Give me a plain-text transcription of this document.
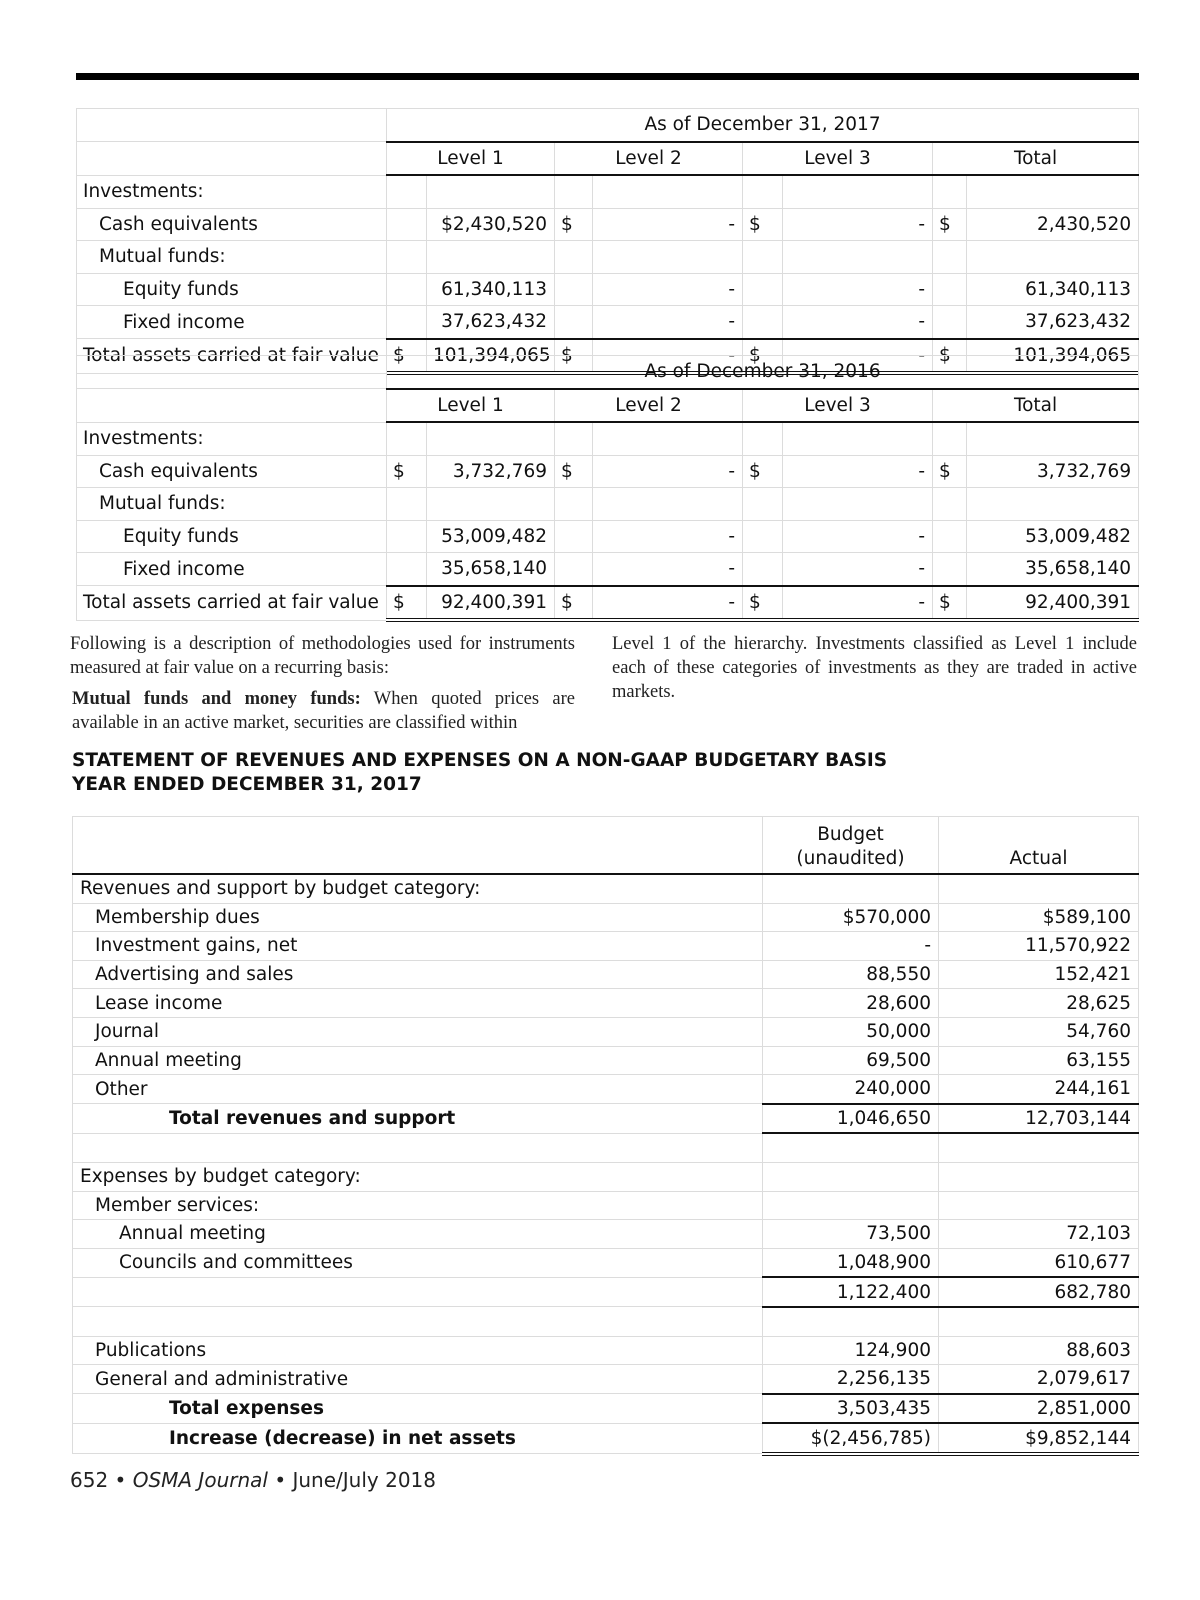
	As of December 31, 2017							
	Level 1		Level 2		Level 3		Total	
Investments:								
Cash equivalents		$2,430,520	$	-	$	-	$	2,430,520
Mutual funds:								
Equity funds		61,340,113		-		-		61,340,113
Fixed income		37,623,432		-		-		37,623,432
Total assets carried at fair value	$	101,394,065	$	-	$	-	$	101,394,065
	As of December 31, 2016							
	Level 1		Level 2		Level 3		Total	
Investments:								
Cash equivalents	$	3,732,769	$	-	$	-	$	3,732,769
Mutual funds:								
Equity funds		53,009,482		-		-		53,009,482
Fixed income		35,658,140		-		-		35,658,140
Total assets carried at fair value	$	92,400,391	$	-	$	-	$	92,400,391

Following is a description of methodologies used for instruments measured at fair value on a recurring basis:

Mutual funds and money funds: When quoted prices are available in an active market, securities are classified within

Level 1 of the hierarchy. Investments classified as Level 1 include each of these categories of investments as they are traded in active markets.

STATEMENT OF REVENUES AND EXPENSES ON A NON-GAAP BUDGETARY BASIS
YEAR ENDED DECEMBER 31, 2017

	Budget
(unaudited)	Actual
Revenues and support by budget category:		
Membership dues	$570,000	$589,100
Investment gains, net	-	11,570,922
Advertising and sales	88,550	152,421
Lease income	28,600	28,625
Journal	50,000	54,760
Annual meeting	69,500	63,155
Other	240,000	244,161
Total revenues and support	1,046,650	12,703,144

Expenses by budget category:		
Member services:		
Annual meeting	73,500	72,103
Councils and committees	1,048,900	610,677
	1,122,400	682,780

Publications	124,900	88,603
General and administrative	2,256,135	2,079,617
Total expenses	3,503,435	2,851,000
Increase (decrease) in net assets	$(2,456,785)	$9,852,144
652 • OSMA Journal • June/July 2018
